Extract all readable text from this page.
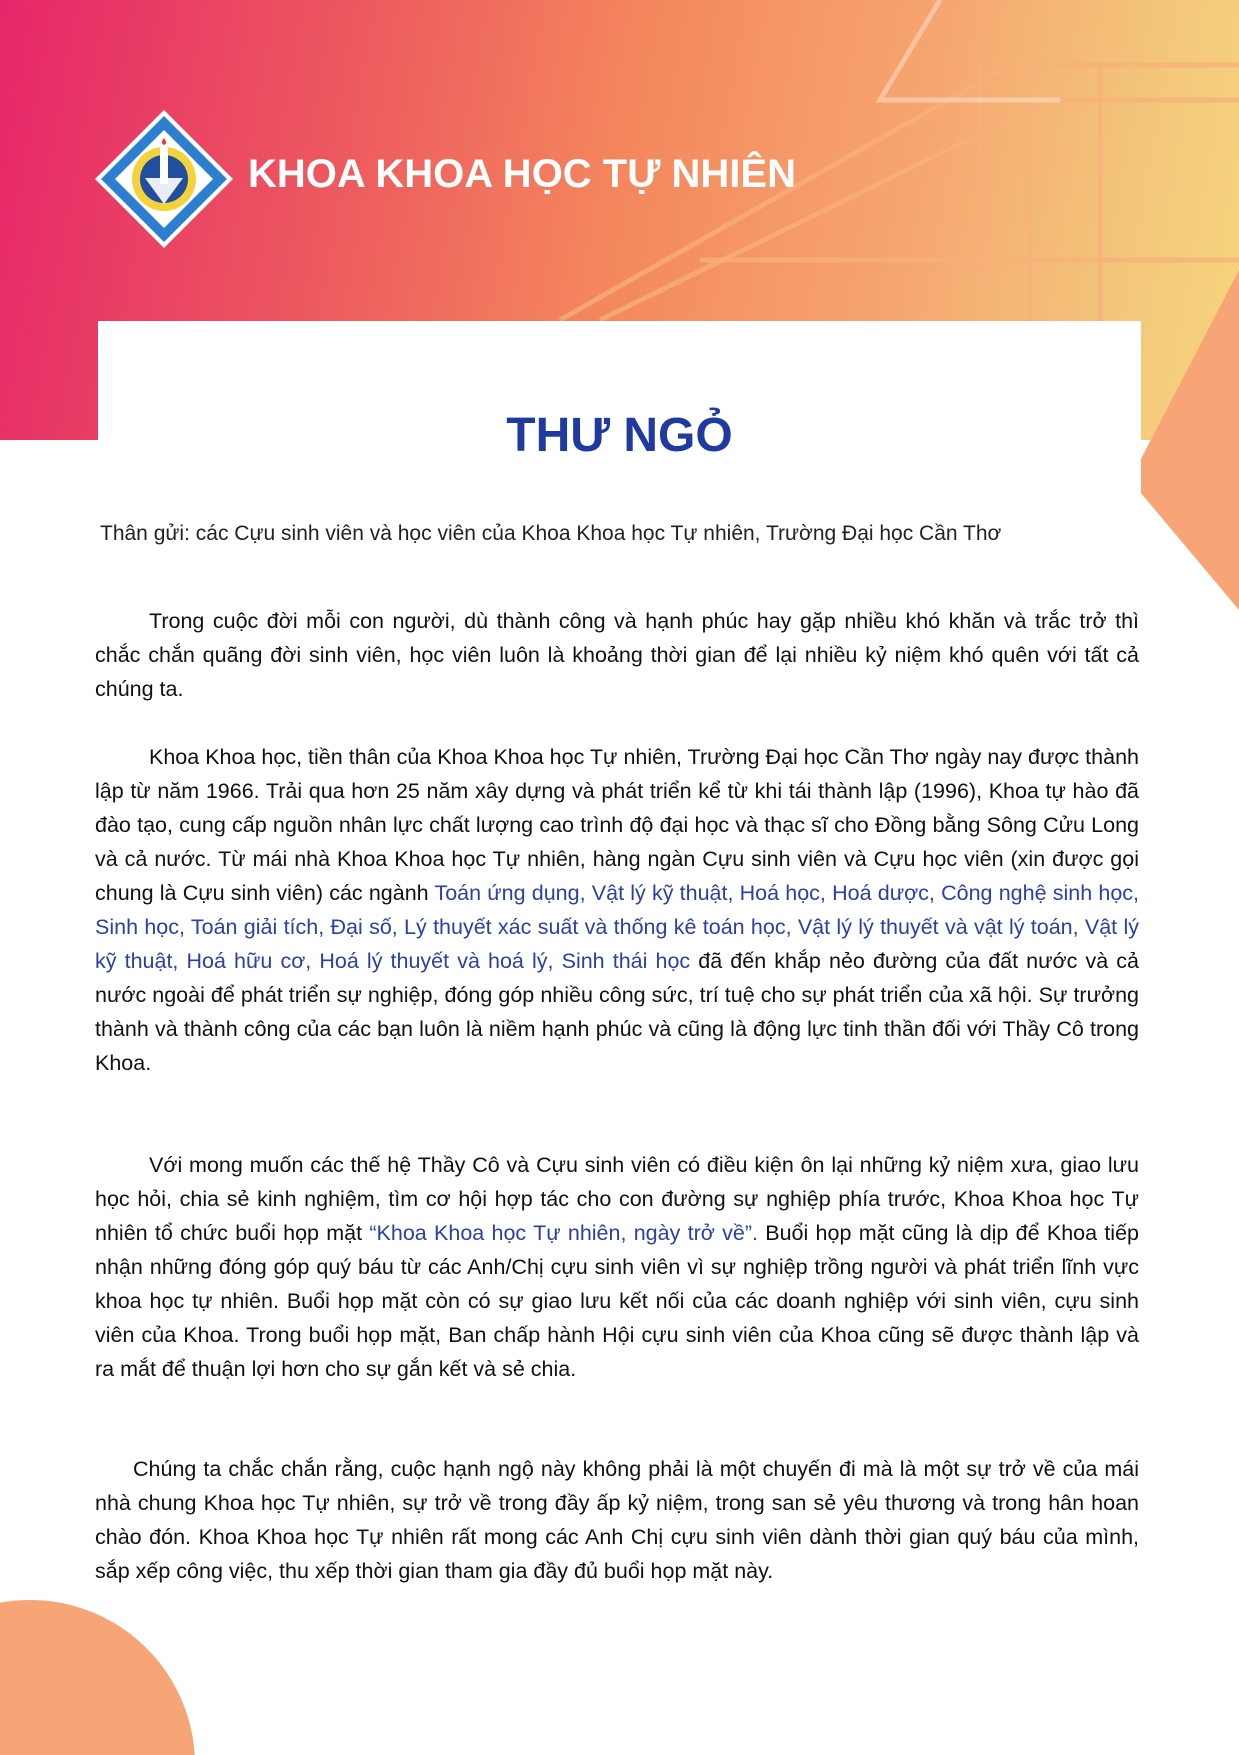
KHOA KHOA HỌC TỰ NHIÊN
THƯ NGỎ
Thân gửi: các Cựu sinh viên và học viên của Khoa Khoa học Tự nhiên, Trường Đại học Cần Thơ

Trong cuộc đời mỗi con người, dù thành công và hạnh phúc hay gặp nhiều khó khăn và trắc trở thì chắc chắn quãng đời sinh viên, học viên luôn là khoảng thời gian để lại nhiều kỷ niệm khó quên với tất cả chúng ta.

Khoa Khoa học, tiền thân của Khoa Khoa học Tự nhiên, Trường Đại học Cần Thơ ngày nay được thành lập từ năm 1966. Trải qua hơn 25 năm xây dựng và phát triển kể từ khi tái thành lập (1996), Khoa tự hào đã đào tạo, cung cấp nguồn nhân lực chất lượng cao trình độ đại học và thạc sĩ cho Đồng bằng Sông Cửu Long và cả nước. Từ mái nhà Khoa Khoa học Tự nhiên, hàng ngàn Cựu sinh viên và Cựu học viên (xin được gọi chung là Cựu sinh viên) các ngành Toán ứng dụng, Vật lý kỹ thuật, Hoá học, Hoá dược, Công nghệ sinh học, Sinh học, Toán giải tích, Đại số, Lý thuyết xác suất và thống kê toán học, Vật lý lý thuyết và vật lý toán, Vật lý kỹ thuật, Hoá hữu cơ, Hoá lý thuyết và hoá lý, Sinh thái học đã đến khắp nẻo đường của đất nước và cả nước ngoài để phát triển sự nghiệp, đóng góp nhiều công sức, trí tuệ cho sự phát triển của xã hội. Sự trưởng thành và thành công của các bạn luôn là niềm hạnh phúc và cũng là động lực tinh thần đối với Thầy Cô trong Khoa.

Với mong muốn các thế hệ Thầy Cô và Cựu sinh viên có điều kiện ôn lại những kỷ niệm xưa, giao lưu học hỏi, chia sẻ kinh nghiệm, tìm cơ hội hợp tác cho con đường sự nghiệp phía trước, Khoa Khoa học Tự nhiên tổ chức buổi họp mặt “Khoa Khoa học Tự nhiên, ngày trở về”. Buổi họp mặt cũng là dịp để Khoa tiếp nhận những đóng góp quý báu từ các Anh/Chị cựu sinh viên vì sự nghiệp trồng người và phát triển lĩnh vực khoa học tự nhiên. Buổi họp mặt còn có sự giao lưu kết nối của các doanh nghiệp với sinh viên, cựu sinh viên của Khoa. Trong buổi họp mặt, Ban chấp hành Hội cựu sinh viên của Khoa cũng sẽ được thành lập và ra mắt để thuận lợi hơn cho sự gắn kết và sẻ chia.

Chúng ta chắc chắn rằng, cuộc hạnh ngộ này không phải là một chuyến đi mà là một sự trở về của mái nhà chung Khoa học Tự nhiên, sự trở về trong đầy ấp kỷ niệm, trong san sẻ yêu thương và trong hân hoan chào đón. Khoa Khoa học Tự nhiên rất mong các Anh Chị cựu sinh viên dành thời gian quý báu của mình, sắp xếp công việc, thu xếp thời gian tham gia đầy đủ buổi họp mặt này.
